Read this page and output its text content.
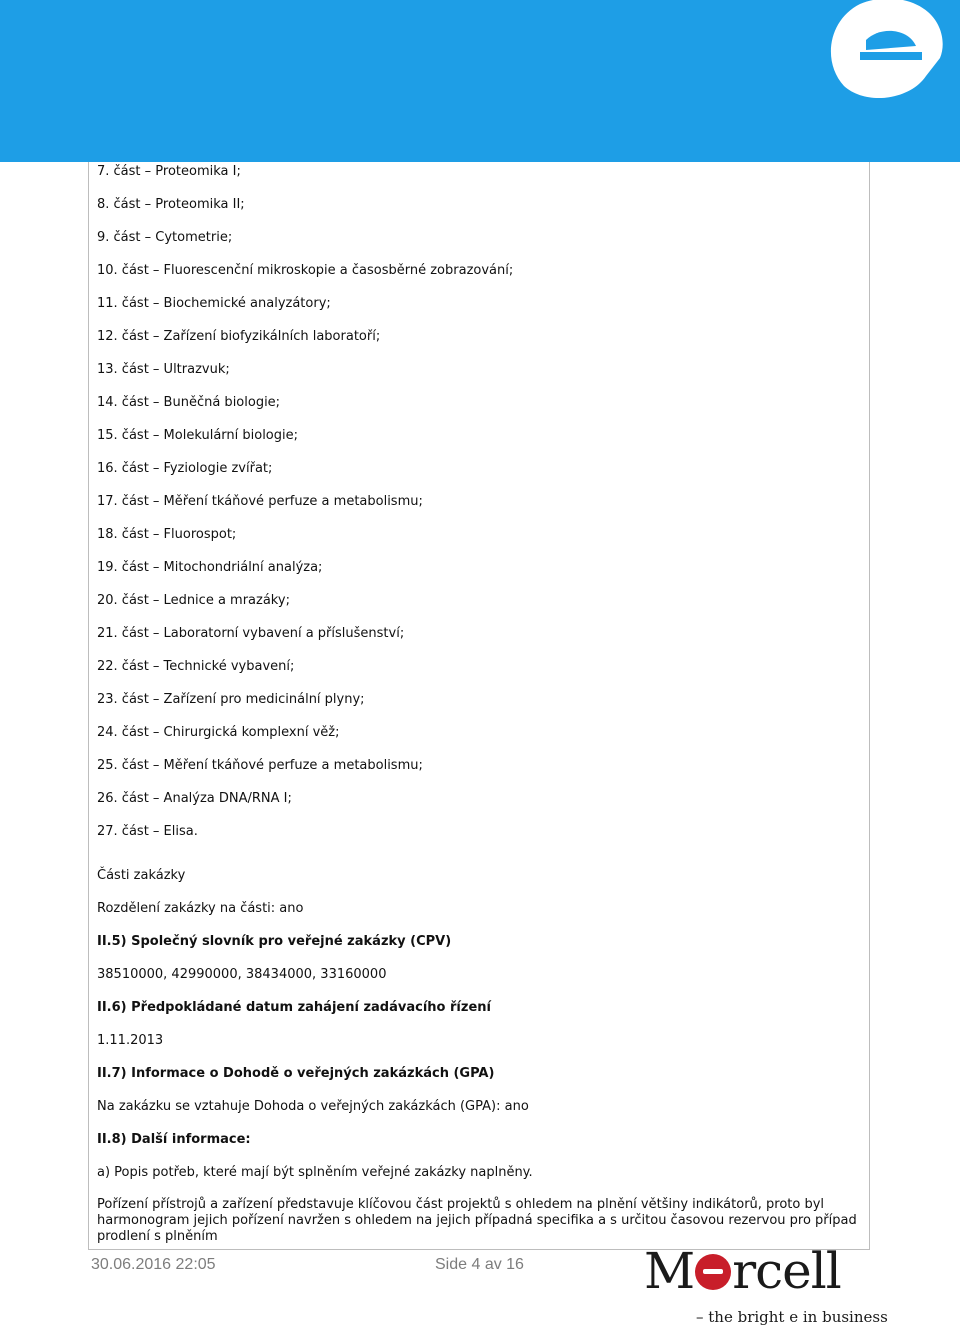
7. část – Proteomika I;

8. část – Proteomika II;

9. část – Cytometrie;

10. část – Fluorescenční mikroskopie a časosběrné zobrazování;

11. část – Biochemické analyzátory;

12. část – Zařízení biofyzikálních laboratoří;

13. část – Ultrazvuk;

14. část – Buněčná biologie;

15. část – Molekulární biologie;

16. část – Fyziologie zvířat;

17. část – Měření tkáňové perfuze a metabolismu;

18. část – Fluorospot;

19. část – Mitochondriální analýza;

20. část – Lednice a mrazáky;

21. část – Laboratorní vybavení a příslušenství;

22. část – Technické vybavení;

23. část – Zařízení pro medicinální plyny;

24. část – Chirurgická komplexní věž;

25. část – Měření tkáňové perfuze a metabolismu;

26. část – Analýza DNA/RNA I;

27. část – Elisa.

Části zakázky

Rozdělení zakázky na části: ano

II.5) Společný slovník pro veřejné zakázky (CPV)

38510000, 42990000, 38434000, 33160000

II.6) Předpokládané datum zahájení zadávacího řízení

1.11.2013

II.7) Informace o Dohodě o veřejných zakázkách (GPA)

Na zakázku se vztahuje Dohoda o veřejných zakázkách (GPA): ano

II.8) Další informace:

a) Popis potřeb, které mají být splněním veřejné zakázky naplněny.

Pořízení přístrojů a zařízení představuje klíčovou část projektů s ohledem na plnění většiny indikátorů, proto byl harmonogram jejich pořízení navržen s ohledem na jejich případná specifika a s určitou časovou rezervou pro případ prodlení s plněním

30.06.2016 22:05	Side 4 av 16 M rcell
– the bright e in business
